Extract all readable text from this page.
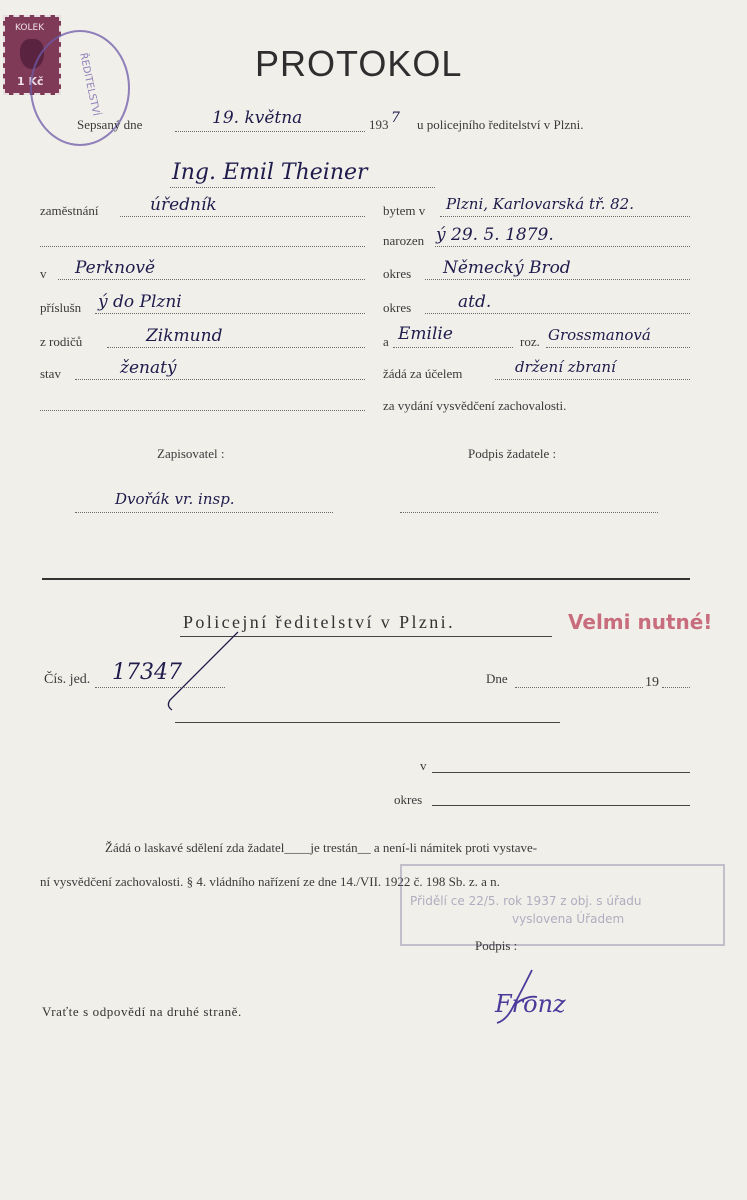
KOLEK
1 Kč	ŘEDITELSTVÍ	PROTOKOL
Sepsaný dne	19. května	193 7 u policejního ředitelství v Plzni.
Ing. Emil Theiner
zaměstnání	úředník	bytem v Plzni, Karlovarská tř. 82.
narozen ý 29. 5. 1879.
v Perknově	okres Německý Brod
příslušn ý do Plzni	okres	atd.
z rodičů	Zikmund	a Emilie	roz. Grossmanová
stav	ženatý	žádá za účelem	držení zbraní
za vydání vysvědčení zachovalosti.
Zapisovatel :	Podpis žadatele :
Dvořák vr. insp.
Policejní ředitelství v Plzni.	Velmi nutné!
Čís. jed. 17347	Dne	19
v
okres
Žádá o laskavé sdělení zda žadatel____je trestán__ a není-li námitek proti vystave-
ní vysvědčení zachovalosti. § 4. vládního nařízení ze dne 14./VII. 1922 č. 198 Sb. z. a n.
Přidělí ce 22/5. rok 1937 z obj. s úřadu
vyslovena Úřadem
Podpis :
Fronz
Vraťte s odpovědí na druhé straně.
